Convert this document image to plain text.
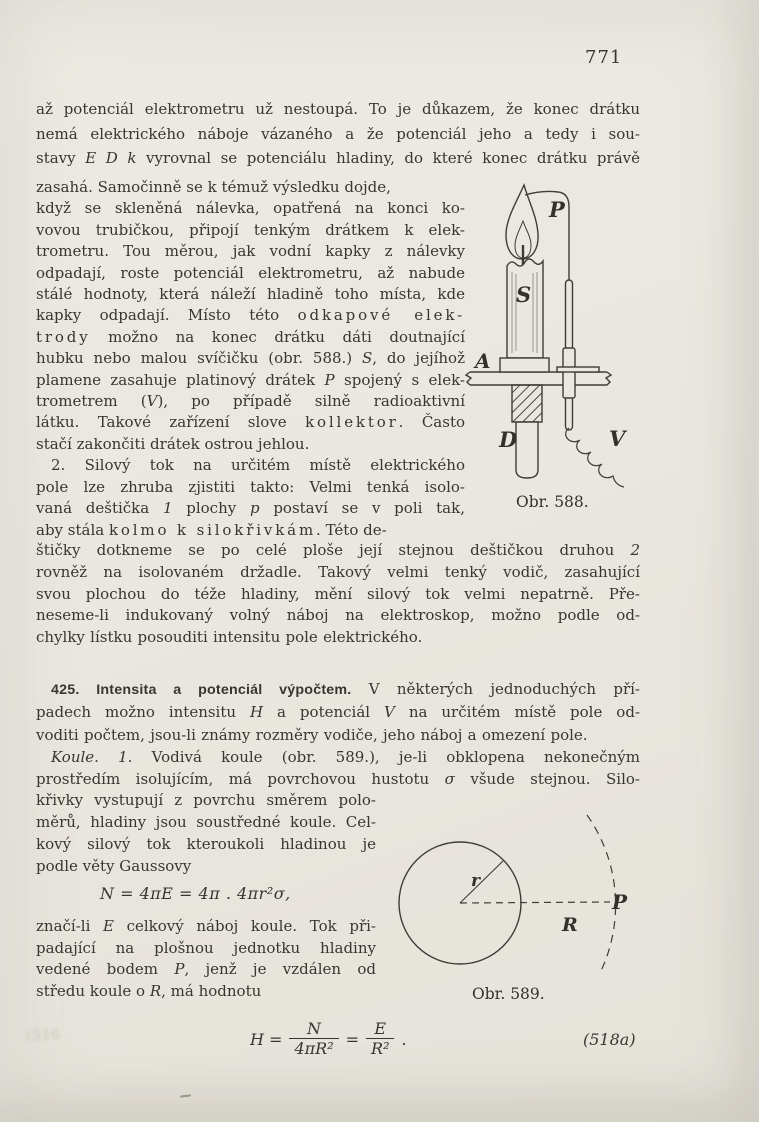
771
až potenciál elektrometru už nestoupá. To je důkazem, že konec drátku
nemá elektrického náboje vázaného a že potenciál jeho a tedy i sou-
stavy E D k vyrovnal se potenciálu hladiny, do které konec drátku právě
zasahá. Samočinně se k témuž výsledku dojde,
když se skleněná nálevka, opatřená na konci ko-
vovou trubičkou, připojí tenkým drátkem k elek-
trometru. Tou měrou, jak vodní kapky z nálevky
odpadají, roste potenciál elektrometru, až nabude
stálé hodnoty, která náleží hladině toho místa, kde
kapky odpadají. Místo této odkapové elek-
trody možno na konec drátku dáti doutnající
hubku nebo malou svíčičku (obr. 588.) S, do jejíhož
plamene zasahuje platinový drátek P spojený s elek-
trometrem (V), po případě silně radioaktivní
látku. Takové zařízení slove kollektor. Často
stačí zakončiti drátek ostrou jehlou.
 2. Silový tok na určitém místě elektrického
pole lze zhruba zjistiti takto: Velmi tenká isolo-
vaná deštička 1 plochy p postaví se v poli tak,
aby stála kolmo k silokřivkám. Této de-
P
S
A
D	V
Obr. 588.
štičky dotkneme se po celé ploše její stejnou deštičkou druhou 2
rovněž na isolovaném držadle. Takový velmi tenký vodič, zasahující
svou plochou do téže hladiny, mění silový tok velmi nepatrně. Pře-
neseme-li indukovaný volný náboj na elektroskop, možno podle od-
chylky lístku posouditi intensitu pole elektrického.
 425. Intensita a potenciál výpočtem. V některých jednoduchých pří-
padech možno intensitu H a potenciál V na určitém místě pole od-
voditi počtem, jsou-li známy rozměry vodiče, jeho náboj a omezení pole.
 Koule. 1. Vodivá koule (obr. 589.), je-li obklopena nekonečným
prostředím isolujícím, má povrchovou hustotu σ všude stejnou. Silo-
křivky vystupují z povrchu směrem polo-
měrů, hladiny jsou soustředné koule. Cel-
kový silový tok kteroukoli hladinou je
podle věty Gaussovy
N = 4πE = 4π . 4πr²σ,
značí-li E celkový náboj koule. Tok při-
padající na plošnou jednotku hladiny
vedené bodem P, jenž je vzdálen od
středu koule o R, má hodnotu
r
R
P
Obr. 589.
$H = \frac{N}{\text{4πR²}} = \frac{E}{\text{R²}}$ .	(518a)
(516
